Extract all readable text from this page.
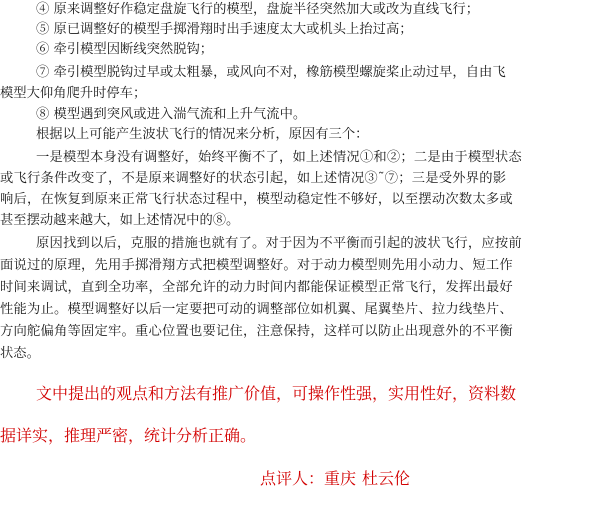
④ 原来调整好作稳定盘旋飞行的模型，盘旋半径突然加大或改为直线飞行；
⑤ 原已调整好的模型手掷滑翔时出手速度太大或机头上抬过高；
⑥ 牵引模型因断线突然脱钩；
⑦ 牵引模型脱钩过早或太粗暴，或风向不对，橡筋模型螺旋桨止动过早，自由飞
模型大仰角爬升时停车；
⑧ 模型遇到突风或进入湍气流和上升气流中。
根据以上可能产生波状飞行的情况来分析，原因有三个：
一是模型本身没有调整好，始终平衡不了，如上述情况①和②；二是由于模型状态
或飞行条件改变了，不是原来调整好的状态引起，如上述情况③˜⑦；三是受外界的影
响后，在恢复到原来正常飞行状态过程中，模型动稳定性不够好，以至摆动次数太多或
甚至摆动越来越大，如上述情况中的⑧。
原因找到以后，克服的措施也就有了。对于因为不平衡而引起的波状飞行，应按前
面说过的原理，先用手掷滑翔方式把模型调整好。对于动力模型则先用小动力、短工作
时间来调试，直到全功率，全部允许的动力时间内都能保证模型正常飞行，发挥出最好
性能为止。模型调整好以后一定要把可动的调整部位如机翼、尾翼垫片、拉力线垫片、
方向舵偏角等固定牢。重心位置也要记住，注意保持，这样可以防止出现意外的不平衡
状态。
文中提出的观点和方法有推广价值，可操作性强，实用性好，资料数
据详实，推理严密，统计分析正确。
点评人：重庆 杜云伦
